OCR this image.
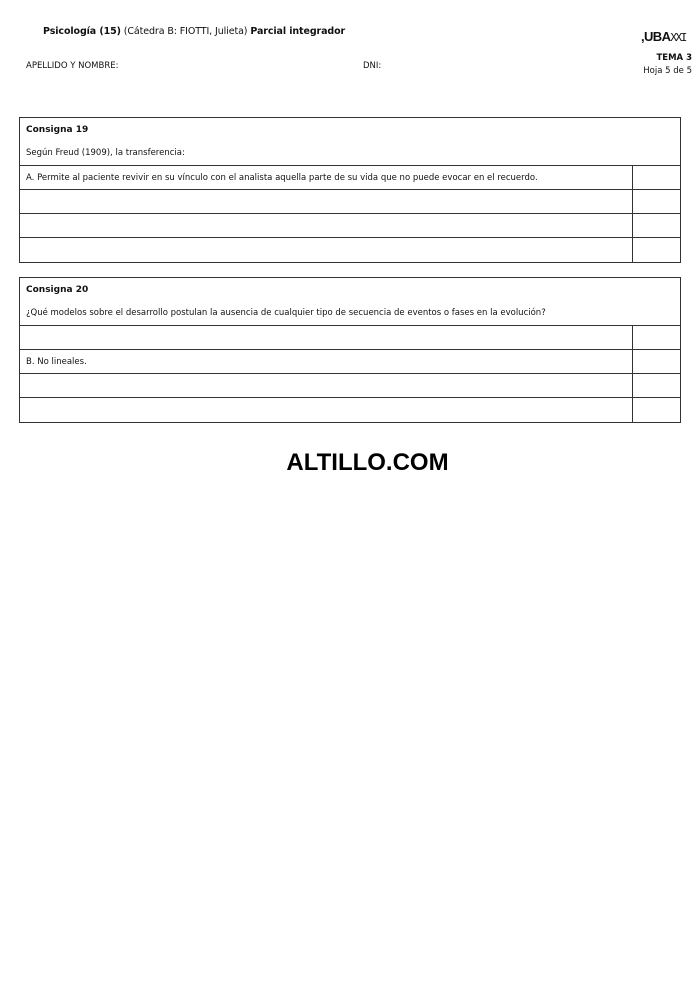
Psicología (15) (Cátedra B: FIOTTI, Julieta) Parcial integrador	,UBAXXI
APELLIDO Y NOMBRE:	DNI:
TEMA 3
Hoja 5 de 5
Consigna 19
Según Freud (1909), la transferencia:
A. Permite al paciente revivir en su vínculo con el analista aquella parte de su vida que no puede evocar en el recuerdo.
Consigna 20
¿Qué modelos sobre el desarrollo postulan la ausencia de cualquier tipo de secuencia de eventos o fases en la evolución?
B. No lineales.
ALTILLO.COM
